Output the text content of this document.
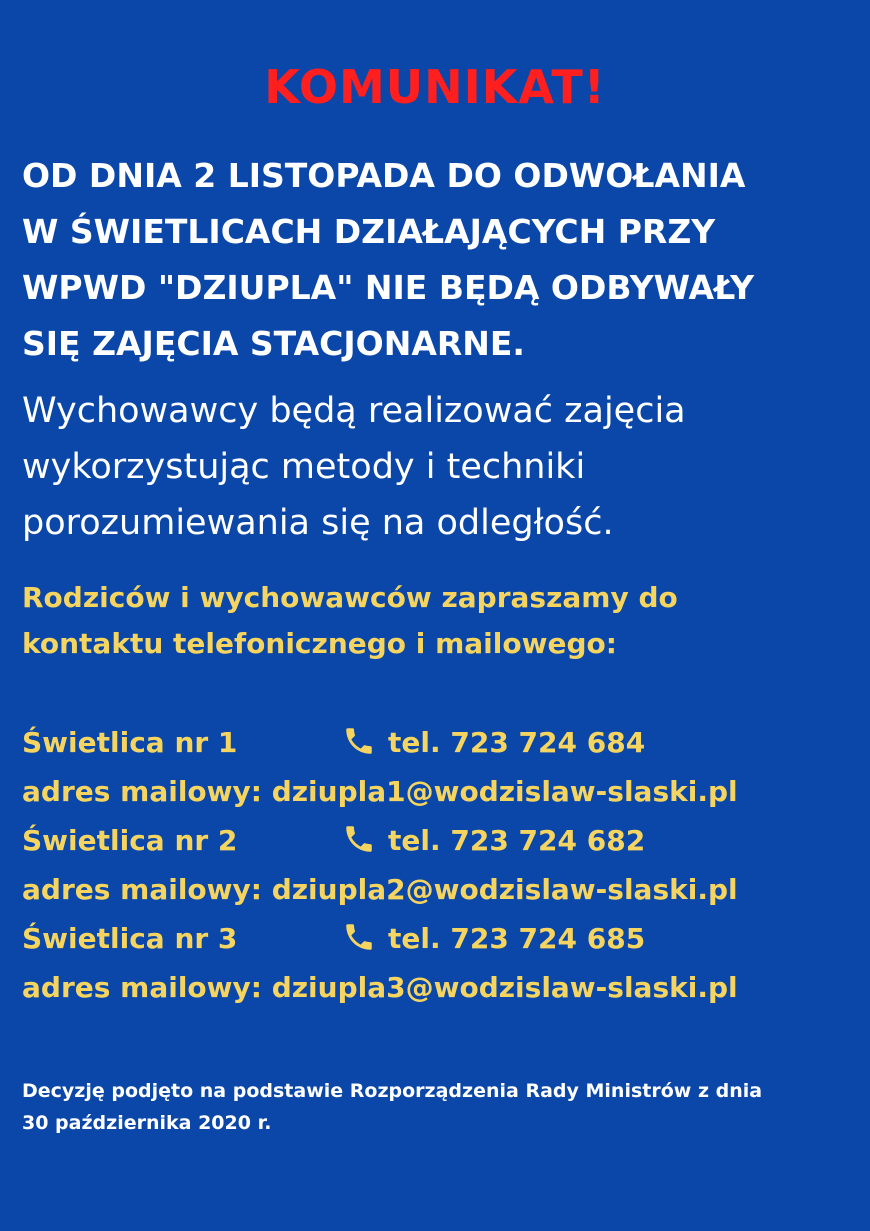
KOMUNIKAT!
OD DNIA 2 LISTOPADA DO ODWOŁANIA
W ŚWIETLICACH DZIAŁAJĄCYCH PRZY
WPWD "DZIUPLA" NIE BĘDĄ ODBYWAŁY
SIĘ ZAJĘCIA STACJONARNE.
Wychowawcy będą realizować zajęcia
wykorzystując metody i techniki
porozumiewania się na odległość.
Rodziców i wychowawców zapraszamy do
kontaktu telefonicznego i mailowego:
Świetlica nr 1	tel. 723 724 684
adres mailowy: dziupla1@wodzislaw-slaski.pl
Świetlica nr 2	tel. 723 724 682
adres mailowy: dziupla2@wodzislaw-slaski.pl
Świetlica nr 3	tel. 723 724 685
adres mailowy: dziupla3@wodzislaw-slaski.pl
Decyzję podjęto na podstawie Rozporządzenia Rady Ministrów z dnia
30 października 2020 r.
